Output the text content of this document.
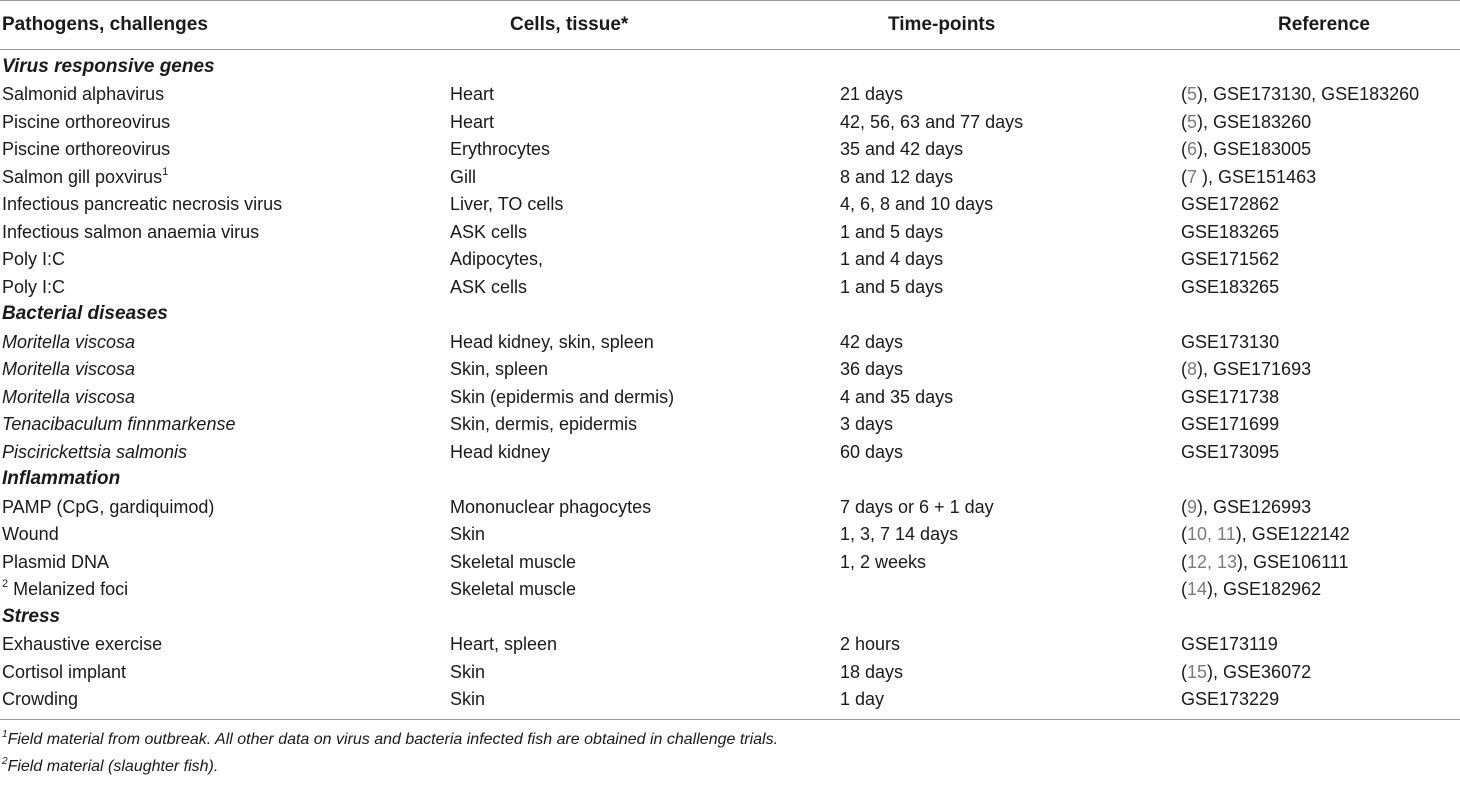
Pathogens, challenges	Cells, tissue*	Time-points	Reference
Virus responsive genes			
Salmonid alphavirus	Heart	21 days	(5), GSE173130, GSE183260
Piscine orthoreovirus	Heart	42, 56, 63 and 77 days	(5), GSE183260
Piscine orthoreovirus	Erythrocytes	35 and 42 days	(6), GSE183005
Salmon gill poxvirus$^1$	Gill	8 and 12 days	(7 ), GSE151463
Infectious pancreatic necrosis virus	Liver, TO cells	4, 6, 8 and 10 days	GSE172862
Infectious salmon anaemia virus	ASK cells	1 and 5 days	GSE183265
Poly I:C	Adipocytes,	1 and 4 days	GSE171562
Poly I:C	ASK cells	1 and 5 days	GSE183265
Bacterial diseases			
Moritella viscosa	Head kidney, skin, spleen	42 days	GSE173130
Moritella viscosa	Skin, spleen	36 days	(8), GSE171693
Moritella viscosa	Skin (epidermis and dermis)	4 and 35 days	GSE171738
Tenacibaculum finnmarkense	Skin, dermis, epidermis	3 days	GSE171699
Piscirickettsia salmonis	Head kidney	60 days	GSE173095
Inflammation			
PAMP (CpG, gardiquimod)	Mononuclear phagocytes	7 days or 6 + 1 day	(9), GSE126993
Wound	Skin	1, 3, 7 14 days	(10, 11), GSE122142
Plasmid DNA	Skeletal muscle	1, 2 weeks	(12, 13), GSE106111
$^2$ Melanized foci	Skeletal muscle		(14), GSE182962
Stress			
Exhaustive exercise	Heart, spleen	2 hours	GSE173119
Cortisol implant	Skin	18 days	(15), GSE36072
Crowding	Skin	1 day	GSE173229
$^1$Field material from outbreak. All other data on virus and bacteria infected fish are obtained in challenge trials.
$^2$Field material (slaughter fish).
